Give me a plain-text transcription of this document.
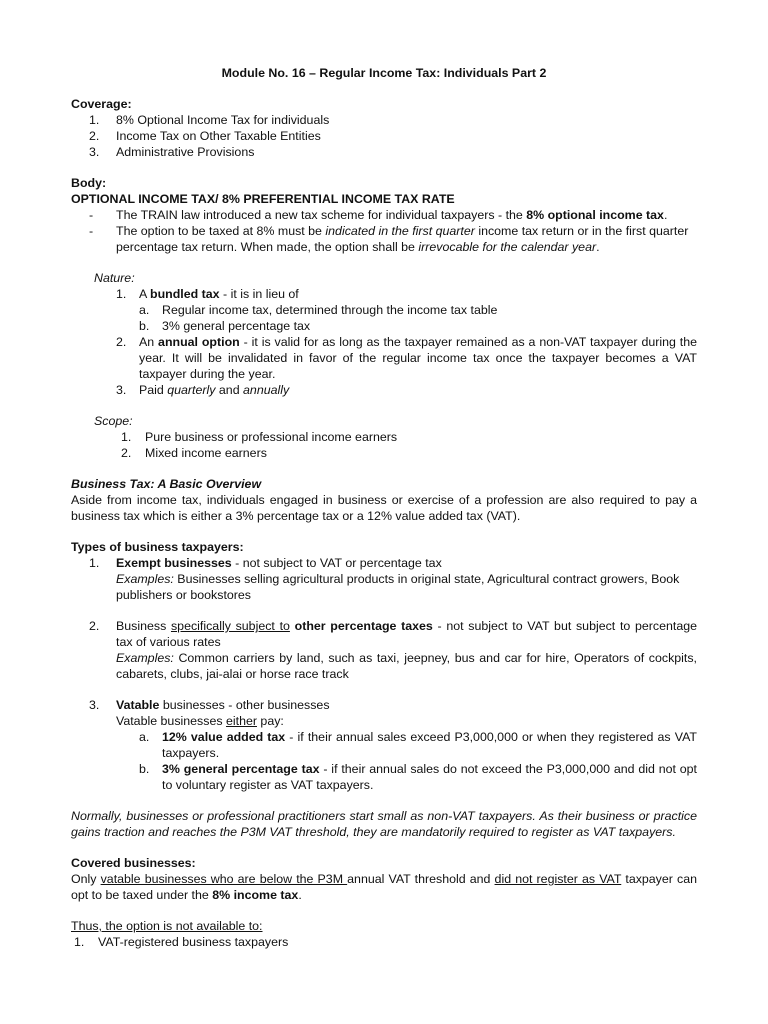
Module No. 16 – Regular Income Tax: Individuals Part 2
Coverage:
1.	8% Optional Income Tax for individuals
2.	Income Tax on Other Taxable Entities
3.	Administrative Provisions
Body:
OPTIONAL INCOME TAX/ 8% PREFERENTIAL INCOME TAX RATE
-	The TRAIN law introduced a new tax scheme for individual taxpayers - the 8% optional income tax.
-	The option to be taxed at 8% must be indicated in the first quarter income tax return or in the first quarter percentage tax return. When made, the option shall be irrevocable for the calendar year.
Nature:
1.	A bundled tax - it is in lieu of
a.	Regular income tax, determined through the income tax table
b.	3% general percentage tax
2.	An annual option - it is valid for as long as the taxpayer remained as a non-VAT taxpayer during the year. It will be invalidated in favor of the regular income tax once the taxpayer becomes a VAT taxpayer during the year.
3.	Paid quarterly and annually
Scope:
1.	Pure business or professional income earners
2.	Mixed income earners
Business Tax: A Basic Overview
Aside from income tax, individuals engaged in business or exercise of a profession are also required to pay a business tax which is either a 3% percentage tax or a 12% value added tax (VAT).
Types of business taxpayers:
1.	Exempt businesses - not subject to VAT or percentage tax
Examples: Businesses selling agricultural products in original state, Agricultural contract growers, Book publishers or bookstores
2.	Business specifically subject to other percentage taxes - not subject to VAT but subject to percentage tax of various rates
Examples: Common carriers by land, such as taxi, jeepney, bus and car for hire, Operators of cockpits, cabarets, clubs, jai-alai or horse race track
3.	Vatable businesses - other businesses
Vatable businesses either pay:
a.	12% value added tax - if their annual sales exceed P3,000,000 or when they registered as VAT taxpayers.
b.	3% general percentage tax - if their annual sales do not exceed the P3,000,000 and did not opt to voluntary register as VAT taxpayers.
Normally, businesses or professional practitioners start small as non-VAT taxpayers. As their business or practice gains traction and reaches the P3M VAT threshold, they are mandatorily required to register as VAT taxpayers.
Covered businesses:
Only vatable businesses who are below the P3M annual VAT threshold and did not register as VAT taxpayer can opt to be taxed under the 8% income tax.
Thus, the option is not available to:
1.	VAT-registered business taxpayers
